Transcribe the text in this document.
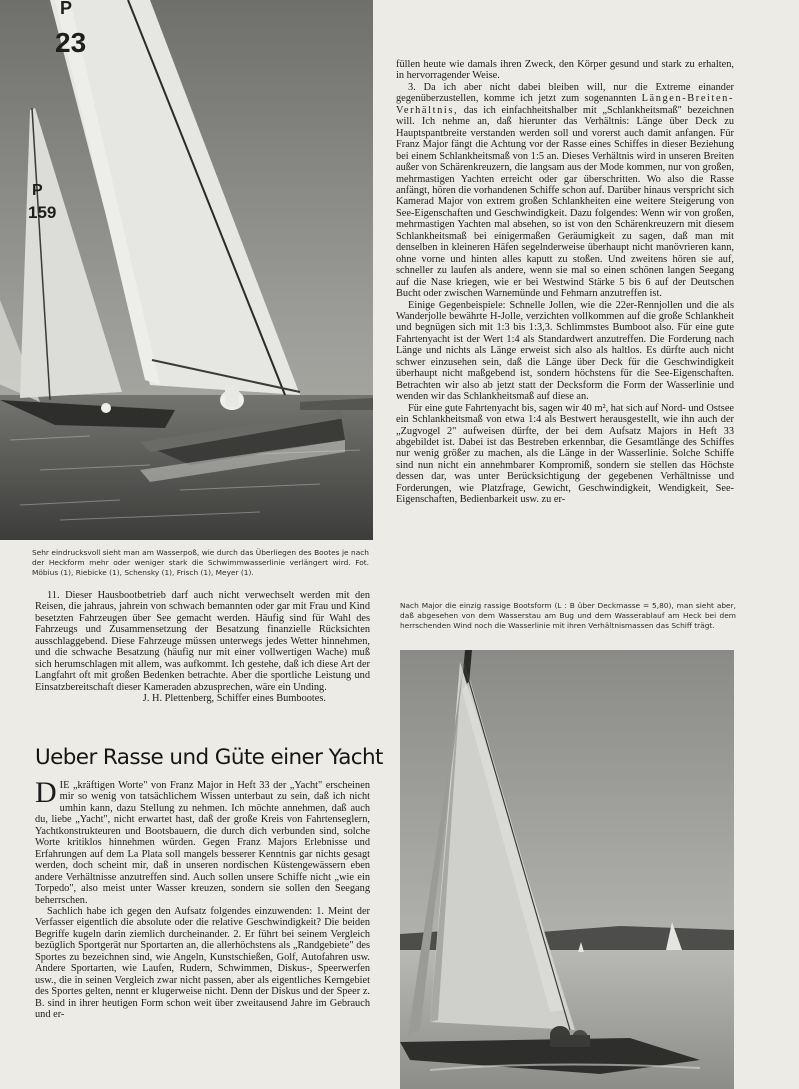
23
P
P
159

Sehr eindrucksvoll sieht man am Wasserpoß, wie durch das Überliegen des Bootes je nach der Heckform mehr oder weniger stark die Schwimmwasserlinie verlängert wird. Fot. Möbius (1), Riebicke (1), Schensky (1), Frisch (1), Meyer (1).

11. Dieser Hausbootbetrieb darf auch nicht verwechselt werden mit den Reisen, die jahraus, jahrein von schwach bemannten oder gar mit Frau und Kind besetzten Fahrzeugen über See gemacht werden. Häufig sind für Wahl des Fahrzeugs und Zusammensetzung der Besatzung finanzielle Rücksichten ausschlaggebend. Diese Fahrzeuge müssen unterwegs jedes Wetter hinnehmen, und die schwache Besatzung (häufig nur mit einer vollwertigen Wache) muß sich herumschlagen mit allem, was aufkommt. Ich gestehe, daß ich diese Art der Langfahrt oft mit großen Bedenken betrachte. Aber die sportliche Leistung und Einsatzbereitschaft dieser Kameraden abzusprechen, wäre ein Unding.

J. H. Plettenberg, Schiffer eines Bumbootes.

Ueber Rasse und Güte einer Yacht

DIE „kräftigen Worte" von Franz Major in Heft 33 der „Yacht" erscheinen mir so wenig von tatsächlichem Wissen unterbaut zu sein, daß ich nicht umhin kann, dazu Stellung zu nehmen. Ich möchte annehmen, daß auch du, liebe „Yacht", nicht erwartet hast, daß der große Kreis von Fahrtenseglern, Yachtkonstrukteuren und Bootsbauern, die durch dich verbunden sind, solche Worte kritiklos hinnehmen würden. Gegen Franz Majors Erlebnisse und Erfahrungen auf dem La Plata soll mangels besserer Kenntnis gar nichts gesagt werden, doch scheint mir, daß in unseren nordischen Küstengewässern eben andere Verhältnisse anzutreffen sind. Auch sollen unsere Schiffe nicht „wie ein Torpedo", also meist unter Wasser kreuzen, sondern sie sollen den Seegang beherrschen.

Sachlich habe ich gegen den Aufsatz folgendes einzuwenden: 1. Meint der Verfasser eigentlich die absolute oder die relative Geschwindigkeit? Die beiden Begriffe kugeln darin ziemlich durcheinander. 2. Er führt bei seinem Vergleich bezüglich Sportgerät nur Sportarten an, die allerhöchstens als „Randgebiete" des Sportes zu bezeichnen sind, wie Angeln, Kunstschießen, Golf, Autofahren usw. Andere Sportarten, wie Laufen, Rudern, Schwimmen, Diskus-, Speerwerfen usw., die in seinen Vergleich zwar nicht passen, aber als eigentliches Kerngebiet des Sportes gelten, nennt er klugerweise nicht. Denn der Diskus und der Speer z. B. sind in ihrer heutigen Form schon weit über zweitausend Jahre im Gebrauch und er-

füllen heute wie damals ihren Zweck, den Körper gesund und stark zu erhalten, in hervorragender Weise.

3. Da ich aber nicht dabei bleiben will, nur die Extreme einander gegenüberzustellen, komme ich jetzt zum sogenannten Längen-Breiten-Verhältnis, das ich einfachheitshalber mit „Schlankheitsmaß" bezeichnen will. Ich nehme an, daß hierunter das Verhältnis: Länge über Deck zu Hauptspantbreite verstanden werden soll und vorerst auch damit anfangen. Für Franz Major fängt die Achtung vor der Rasse eines Schiffes in dieser Beziehung bei einem Schlankheitsmaß von 1:5 an. Dieses Verhältnis wird in unseren Breiten außer von Schärenkreuzern, die langsam aus der Mode kommen, nur von großen, mehrmastigen Yachten erreicht oder gar überschritten. Wo also die Rasse anfängt, hören die vorhandenen Schiffe schon auf. Darüber hinaus verspricht sich Kamerad Major von extrem großen Schlankheiten eine weitere Steigerung von See-Eigenschaften und Geschwindigkeit. Dazu folgendes: Wenn wir von großen, mehrmastigen Yachten mal absehen, so ist von den Schärenkreuzern mit diesem Schlankheitsmaß bei einigermaßen Geräumigkeit zu sagen, daß man mit denselben in kleineren Häfen segelnderweise überhaupt nicht manövrieren kann, ohne vorne und hinten alles kaputt zu stoßen. Und zweitens hören sie auf, schneller zu laufen als andere, wenn sie mal so einen schönen langen Seegang auf die Nase kriegen, wie er bei Westwind Stärke 5 bis 6 auf der Deutschen Bucht oder zwischen Warnemünde und Fehmarn anzutreffen ist.

Einige Gegenbeispiele: Schnelle Jollen, wie die 22er-Rennjollen und die als Wanderjolle bewährte H-Jolle, verzichten vollkommen auf die große Schlankheit und begnügen sich mit 1:3 bis 1:3,3. Schlimmstes Bumboot also. Für eine gute Fahrtenyacht ist der Wert 1:4 als Standardwert anzutreffen. Die Forderung nach Länge und nichts als Länge erweist sich also als haltlos. Es dürfte auch nicht schwer einzusehen sein, daß die Länge über Deck für die Geschwindigkeit überhaupt nicht maßgebend ist, sondern höchstens für die See-Eigenschaften. Betrachten wir also ab jetzt statt der Decksform die Form der Wasserlinie und wenden wir das Schlankheitsmaß auf diese an.

Für eine gute Fahrtenyacht bis, sagen wir 40 m², hat sich auf Nord- und Ostsee ein Schlankheitsmaß von etwa 1:4 als Bestwert herausgestellt, wie ihn auch der „Zugvogel 2" aufweisen dürfte, der bei dem Aufsatz Majors in Heft 33 abgebildet ist. Dabei ist das Bestreben erkennbar, die Gesamtlänge des Schiffes nur wenig größer zu machen, als die Länge in der Wasserlinie. Solche Schiffe sind nun nicht ein annehmbarer Kompromiß, sondern sie stellen das Höchste dessen dar, was unter Berücksichtigung der gegebenen Verhältnisse und Forderungen, wie Platzfrage, Gewicht, Geschwindigkeit, Wendigkeit, See-Eigenschaften, Bedienbarkeit usw. zu er-

Nach Major die einzig rassige Bootsform (L : B über Deckmasse = 5,80), man sieht aber, daß abgesehen von dem Wasserstau am Bug und dem Wasserablauf am Heck bei dem herrschenden Wind noch die Wasserlinie mit ihren Verhältnismassen das Schiff trägt.
